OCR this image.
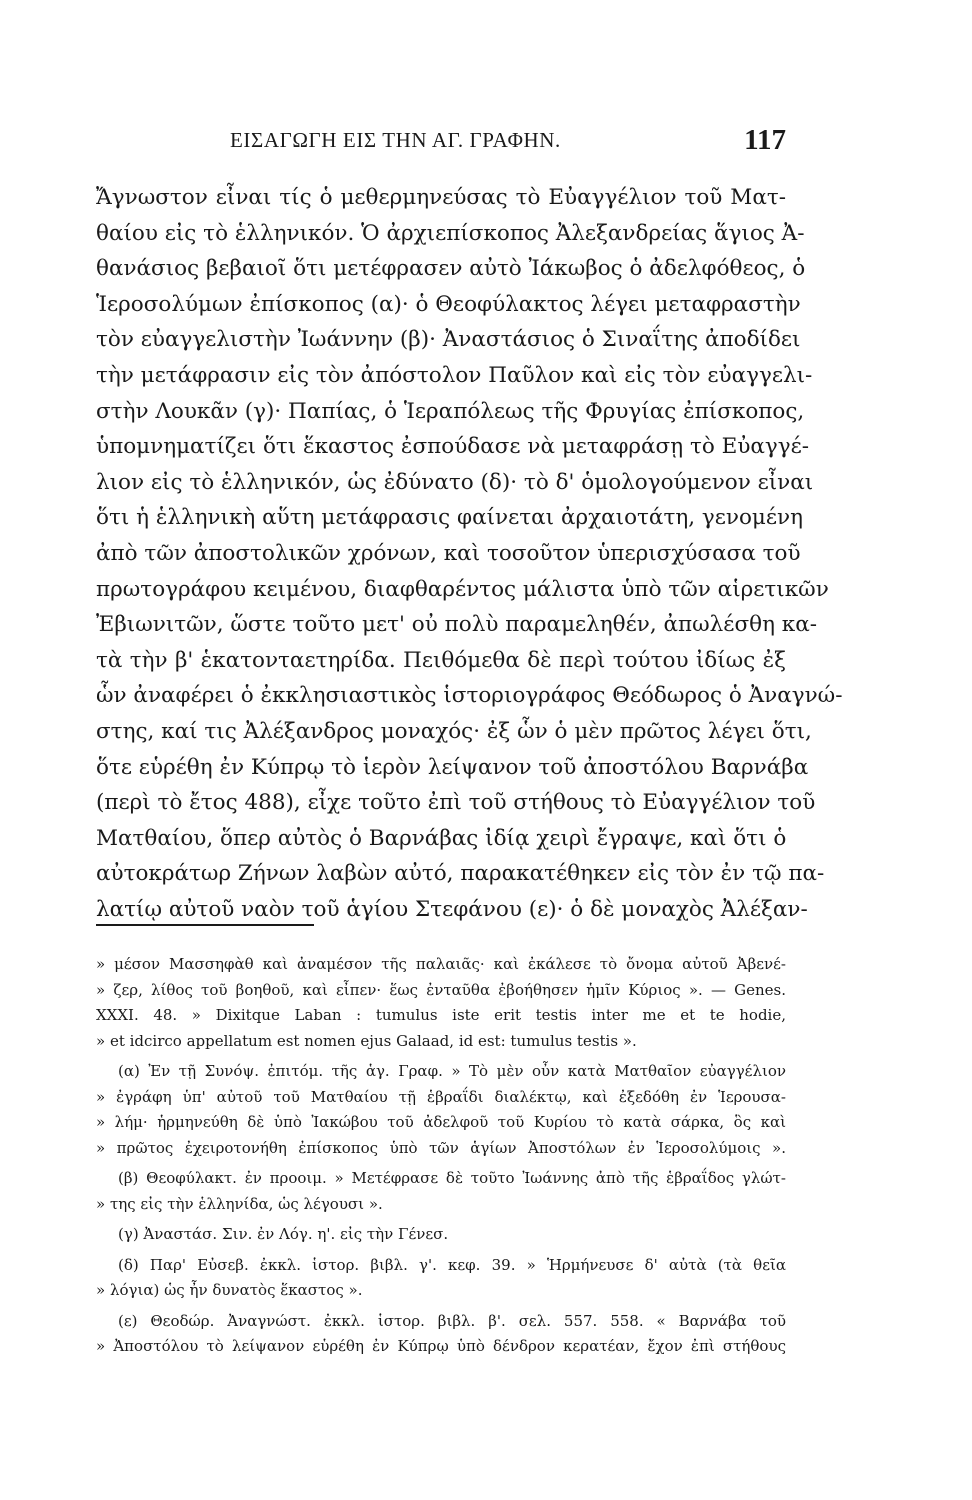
ΕΙΣΑΓΩΓΗ ΕΙΣ ΤΗΝ ΑΓ. ΓΡΑΦΗΝ.	117
Ἄγνωστον εἶναι τίς ὁ μεθερμηνεύσας τὸ Εὐαγγέλιον τοῦ Ματ-
θαίου εἰς τὸ ἑλληνικόν. Ὁ ἀρχιεπίσκοπος Ἀλεξανδρείας ἅγιος Ἀ-
θανάσιος βεβαιοῖ ὅτι μετέφρασεν αὐτὸ Ἰάκωβος ὁ ἀδελφόθεος, ὁ
Ἱεροσολύμων ἐπίσκοπος (α)· ὁ Θεοφύλακτος λέγει μεταφραστὴν
τὸν εὐαγγελιστὴν Ἰωάννην (β)· Ἀναστάσιος ὁ Σιναΐτης ἀποδίδει
τὴν μετάφρασιν εἰς τὸν ἀπόστολον Παῦλον καὶ εἰς τὸν εὐαγγελι-
στὴν Λουκᾶν (γ)· Παπίας, ὁ Ἱεραπόλεως τῆς Φρυγίας ἐπίσκοπος,
ὑπομνηματίζει ὅτι ἕκαστος ἐσπούδασε νὰ μεταφράσῃ τὸ Εὐαγγέ-
λιον εἰς τὸ ἑλληνικόν, ὡς ἐδύνατο (δ)· τὸ δ' ὁμολογούμενον εἶναι
ὅτι ἡ ἑλληνικὴ αὕτη μετάφρασις φαίνεται ἀρχαιοτάτη, γενομένη
ἀπὸ τῶν ἀποστολικῶν χρόνων, καὶ τοσοῦτον ὑπερισχύσασα τοῦ
πρωτογράφου κειμένου, διαφθαρέντος μάλιστα ὑπὸ τῶν αἱρετικῶν
Ἐβιωνιτῶν, ὥστε τοῦτο μετ' οὐ πολὺ παραμεληθέν, ἀπωλέσθη κα-
τὰ τὴν β' ἑκατονταετηρίδα. Πειθόμεθα δὲ περὶ τούτου ἰδίως ἐξ
ὧν ἀναφέρει ὁ ἐκκλησιαστικὸς ἱστοριογράφος Θεόδωρος ὁ Ἀναγνώ-
στης, καί τις Ἀλέξανδρος μοναχός· ἐξ ὧν ὁ μὲν πρῶτος λέγει ὅτι,
ὅτε εὑρέθη ἐν Κύπρῳ τὸ ἱερὸν λείψανον τοῦ ἀποστόλου Βαρνάβα
(περὶ τὸ ἔτος 488), εἶχε τοῦτο ἐπὶ τοῦ στήθους τὸ Εὐαγγέλιον τοῦ
Ματθαίου, ὅπερ αὐτὸς ὁ Βαρνάβας ἰδίᾳ χειρὶ ἔγραψε, καὶ ὅτι ὁ
αὐτοκράτωρ Ζήνων λαβὼν αὐτό, παρακατέθηκεν εἰς τὸν ἐν τῷ πα-
λατίῳ αὐτοῦ ναὸν τοῦ ἁγίου Στεφάνου (ε)· ὁ δὲ μοναχὸς Ἀλέξαν-
» μέσον Μασσηφὰθ καὶ ἀναμέσον τῆς παλαιᾶς· καὶ ἐκάλεσε τὸ ὄνομα αὐτοῦ Ἀβενέ-
» ζερ, λίθος τοῦ βοηθοῦ, καὶ εἶπεν· ἕως ἐνταῦθα ἐβοήθησεν ἡμῖν Κύριος ». — Genes.
XXXI. 48. » Dixitque Laban : tumulus iste erit testis inter me et te hodie,
» et idcirco appellatum est nomen ejus Galaad, id est: tumulus testis ».
(α) Ἐν τῇ Συνόψ. ἐπιτόμ. τῆς ἁγ. Γραφ. » Τὸ μὲν οὖν κατὰ Ματθαῖον εὐαγγέλιον
» ἐγράφη ὑπ' αὐτοῦ τοῦ Ματθαίου τῇ ἑβραΐδι διαλέκτῳ, καὶ ἐξεδόθη ἐν Ἱερουσα-
» λήμ· ἡρμηνεύθη δὲ ὑπὸ Ἰακώβου τοῦ ἀδελφοῦ τοῦ Κυρίου τὸ κατὰ σάρκα, ὃς καὶ
» πρῶτος ἐχειροτονήθη ἐπίσκοπος ὑπὸ τῶν ἁγίων Ἀποστόλων ἐν Ἱεροσολύμοις ».
(β) Θεοφύλακτ. ἐν προοιμ. » Μετέφρασε δὲ τοῦτο Ἰωάννης ἀπὸ τῆς ἑβραΐδος γλώτ-
» της εἰς τὴν ἑλληνίδα, ὡς λέγουσι ».
(γ) Ἀναστάσ. Σιν. ἐν Λόγ. η'. εἰς τὴν Γένεσ.
(δ) Παρ' Εὐσεβ. ἐκκλ. ἱστορ. βιβλ. γ'. κεφ. 39. » Ἡρμήνευσε δ' αὐτὰ (τὰ θεῖα
» λόγια) ὡς ἦν δυνατὸς ἕκαστος ».
(ε) Θεοδώρ. Ἀναγνώστ. ἐκκλ. ἱστορ. βιβλ. β'. σελ. 557. 558. « Βαρνάβα τοῦ
» Ἀποστόλου τὸ λείψανον εὑρέθη ἐν Κύπρῳ ὑπὸ δένδρον κερατέαν, ἔχον ἐπὶ στήθους
